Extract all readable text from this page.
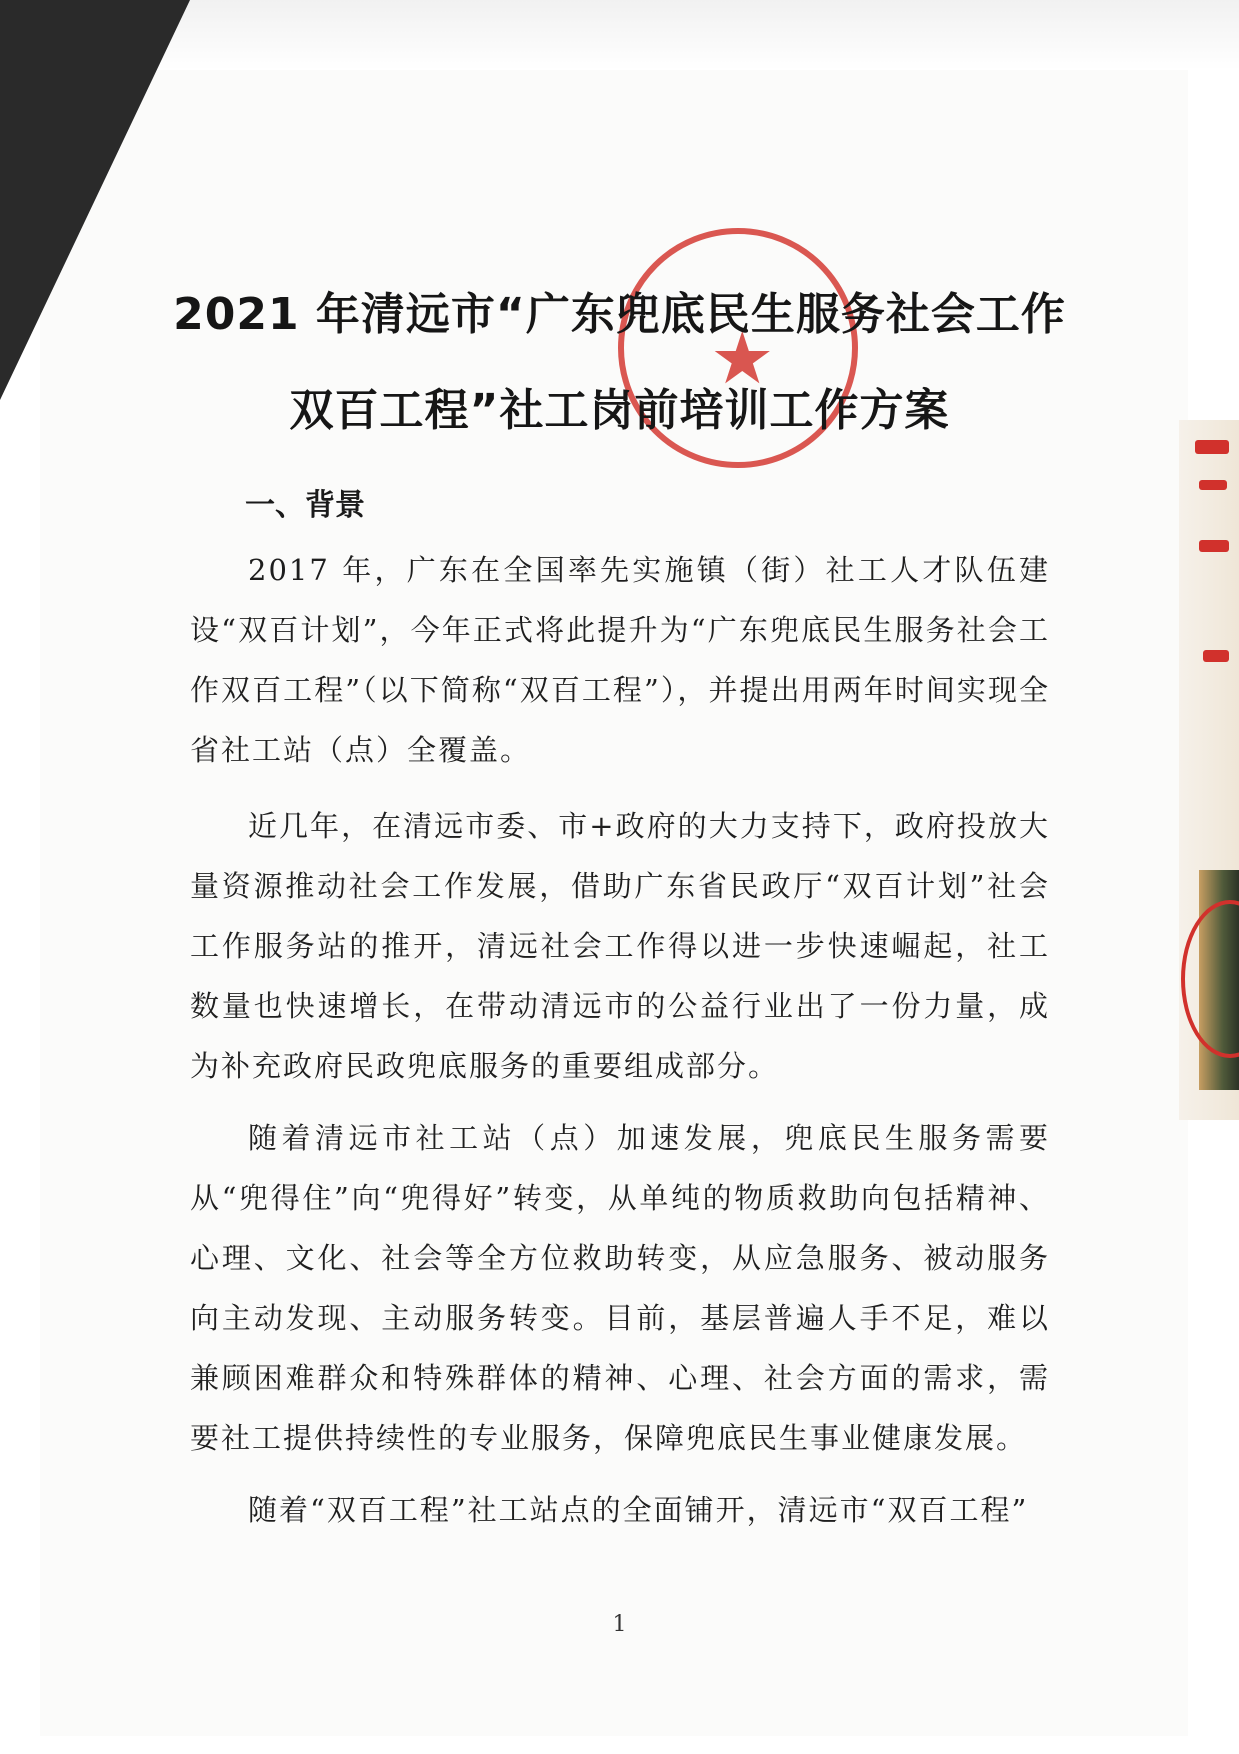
★
2021 年清远市“广东兜底民生服务社会工作
双百工程”社工岗前培训工作方案
一、背景

2017 年，广东在全国率先实施镇（街）社工人才队伍建设“双百计划”，今年正式将此提升为“广东兜底民生服务社会工作双百工程”（以下简称“双百工程”），并提出用两年时间实现全省社工站（点）全覆盖。

近几年，在清远市委、市+政府的大力支持下，政府投放大量资源推动社会工作发展，借助广东省民政厅“双百计划”社会工作服务站的推开，清远社会工作得以进一步快速崛起，社工数量也快速增长，在带动清远市的公益行业出了一份力量，成为补充政府民政兜底服务的重要组成部分。

随着清远市社工站（点）加速发展，兜底民生服务需要从“兜得住”向“兜得好”转变，从单纯的物质救助向包括精神、心理、文化、社会等全方位救助转变，从应急服务、被动服务向主动发现、主动服务转变。目前，基层普遍人手不足，难以兼顾困难群众和特殊群体的精神、心理、社会方面的需求，需要社工提供持续性的专业服务，保障兜底民生事业健康发展。

随着“双百工程”社工站点的全面铺开，清远市“双百工程”

1
